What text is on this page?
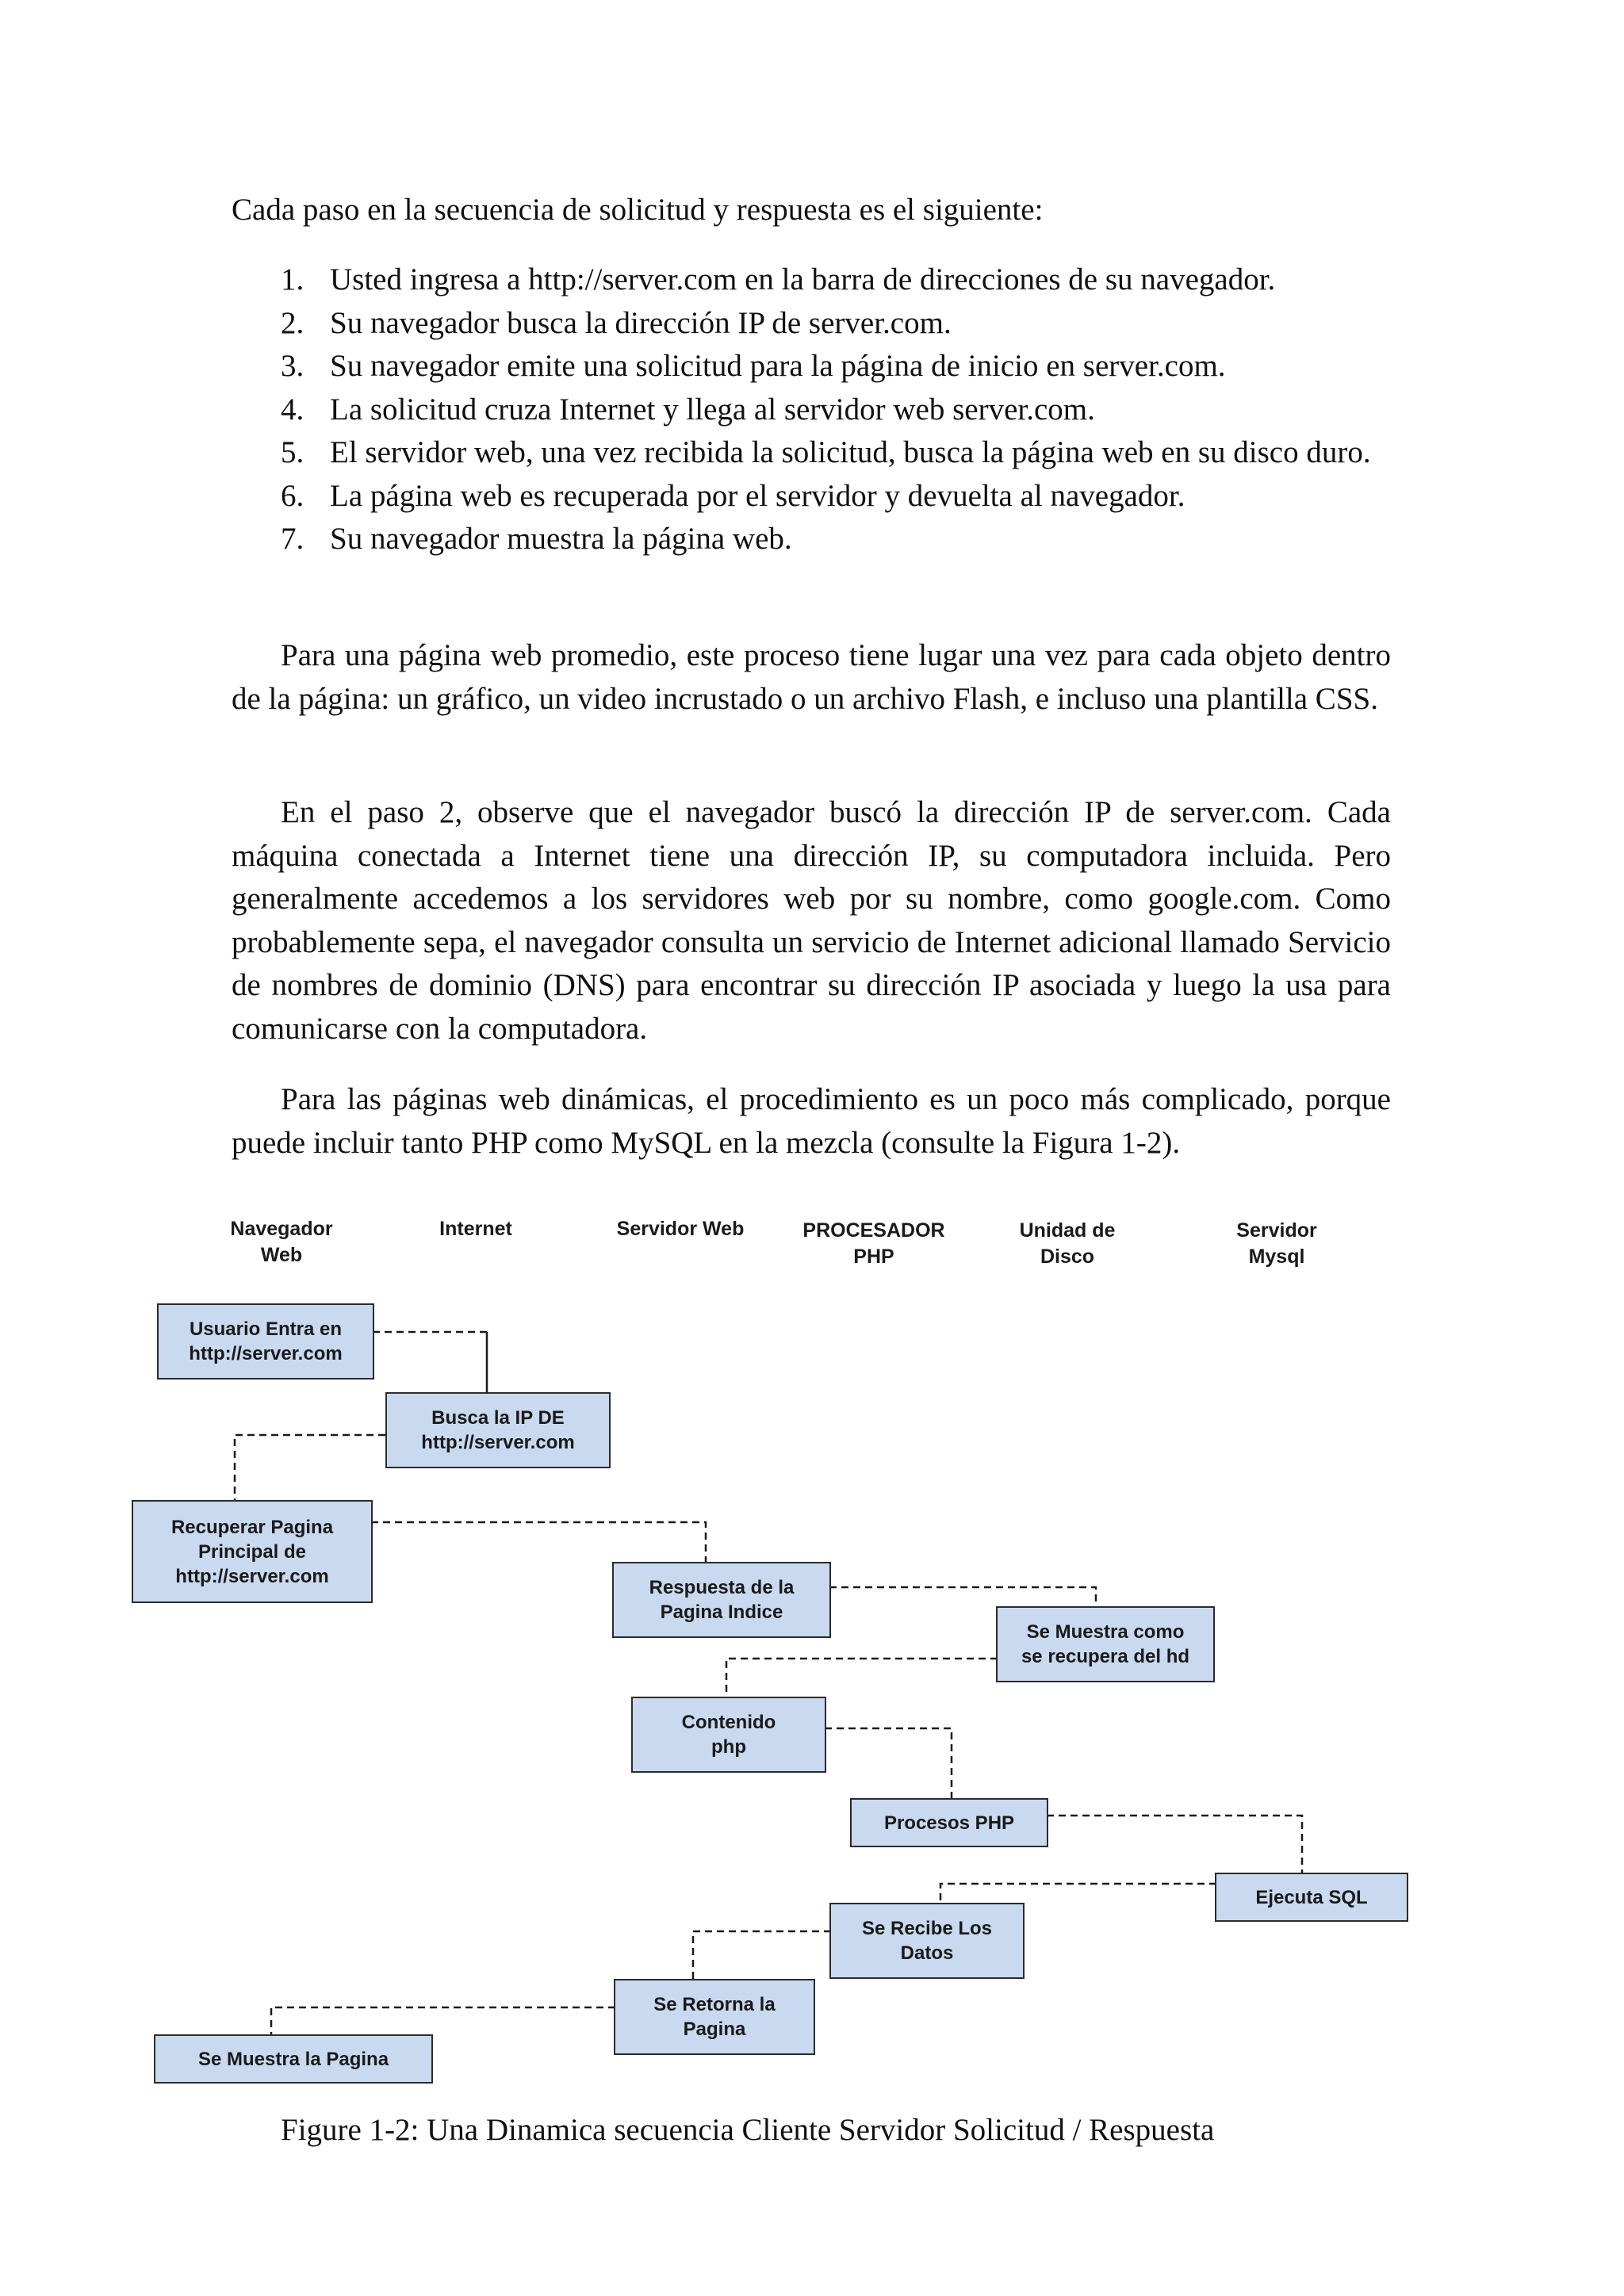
Cada paso en la secuencia de solicitud y respuesta es el siguiente:
1. Usted ingresa a http://server.com en la barra de direcciones de su navegador.
2. Su navegador busca la dirección IP de server.com.
3. Su navegador emite una solicitud para la página de inicio en server.com.
4. La solicitud cruza Internet y llega al servidor web server.com.
5. El servidor web, una vez recibida la solicitud, busca la página web en su disco duro.
6. La página web es recuperada por el servidor y devuelta al navegador.
7. Su navegador muestra la página web.

Para una página web promedio, este proceso tiene lugar una vez para cada objeto dentro de la página: un gráfico, un video incrustado o un archivo Flash, e incluso una plantilla CSS.

En el paso 2, observe que el navegador buscó la dirección IP de server.com. Cada máquina conectada a Internet tiene una dirección IP, su computadora incluida. Pero generalmente accedemos a los servidores web por su nombre, como google.com. Como probablemente sepa, el navegador consulta un servicio de Internet adicional llamado Servicio de nombres de dominio (DNS) para encontrar su dirección IP asociada y luego la usa para comunicarse con la computadora.

Para las páginas web dinámicas, el procedimiento es un poco más complicado, porque puede incluir tanto PHP como MySQL en la mezcla (consulte la Figura 1-2).

Navegador
Web
Internet	Servidor Web	PROCESADOR
PHP
Unidad de
Disco
Servidor
Mysql
Usuario Entra en
http://server.com
Busca la IP DE
http://server.com
Recuperar Pagina
Principal de
http://server.com
Respuesta de la
Pagina Indice
Se Muestra como
se recupera del hd
Contenido
php
Procesos PHP
Ejecuta SQL
Se Recibe Los
Datos
Se Retorna la
Pagina
Se Muestra la Pagina
Figure 1-2: Una Dinamica secuencia Cliente Servidor Solicitud / Respuesta
